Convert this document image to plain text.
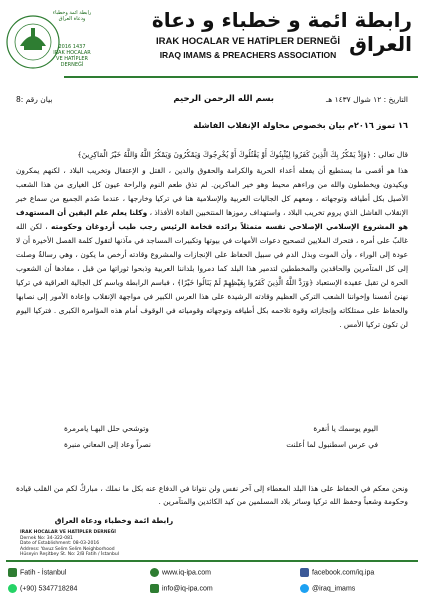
رابطة ائمة وخطباء ودعاة العراق
2016 1437
IRAK HOCALAR VE HATİPLER DERNEĞİ
رابطة ائمة و خطباء و دعاة العراق
IRAK HOCALAR VE HATİPLER DERNEĞİ
IRAQ IMAMS & PREACHERS ASSOCIATION
التاريخ : ١٢ شوال ١٤٣٧ هـ
بسم الله الرحمن الرحيم
بيان رقم :8
١٦ تموز ٢٠١٦م بيان بخصوص محاولة الإنقلاب الفاشلة

قال تعالى : ﴿وَإِذْ يَمْكُرُ بِكَ الَّذِينَ كَفَرُوا لِيُثْبِتُوكَ أَوْ يَقْتُلُوكَ أَوْ يُخْرِجُوكَ وَيَمْكُرُونَ وَيَمْكُرُ اللَّهُ وَاللَّهُ خَيْرُ الْمَاكِرِينَ﴾

هذا هو أقصى ما يستطيع أن يفعله أعداء الحرية والكرامة والحقوق والدين ، القتل و الإعتقال وتخريب البلاد ، لكنهم يمكرون ويكيدون ويخططون والله من وراءهم محيط وهو خير الماكرين. لم تذق طعم النوم والراحة عيون كل الغيارى من هذا الشعب الأصيل بكل أطيافه وتوجهاته ، ومعهم كل الجاليات العربية والإسلامية هنا في تركيا وخارجها ، عندما صُدم الجميع من سماع خبر الإنقلاب الفاشل الذي يروم تخريب البلاد ، واستهداف رموزها المنتخبين القادة الأفذاذ ، وكلنا يعلم علم اليقين أن المستهدف هو المشروع الإسلامي الإصلاحي نفسه متمثلاً برائده فخامة الرئيس رجب طيب أردوغان وحكومته ، لكن الله غالبٌ على أمره ، فتحرك الملايين لتصحيح دعوات الأمهات في بيوتها وتكبيرات المساجد في مآذنها لتقول كلمة الفصل الأخيرة أن لا عودة إلى الوراء ، وأن الموت وبذل الدم في سبيل الحفاظ على الإنجازات والمشروع وقادته أرخص ما يكون ، وهي رسالةٌ وصلت إلى كل المتآمرين والحاقدين والمخططين لتدمير هذا البلد كما دمروا بلداننا العربية وذبحوا ثوراتها من قبل ، مفادها أن الشعوب الحرة لن تقبل عقيدة الإستعباد ﴿وَرَدَّ اللَّهُ الَّذِينَ كَفَرُوا بِغَيْظِهِمْ لَمْ يَنَالُوا خَيْرًا﴾ ، فباسم الرابطة وباسم كل الجالية العراقية في تركيا نهنئ أنفسنا وإخواننا الشعب التركي العظيم وقادته الرشيدة على هذا العرس الكبير في مواجهة الإنقلاب وإعادة الأمور إلى نصابها والحفاظ على ممتلكاته وإنجازاته وقوة تلاحمه بكل أطيافه وتوجهاته وقومياته في الوقوف أمام هذه المؤامرة الكبرى . فتركيا اليوم لن تكون تركيا الأمس .

اليوم يوسمك يا أنقرة
وتوشحي حلل البهـا يامرمرة
في عرس اسطنبول لما أعلنت
نصراً وعاد إلى المعاني منبرة

ونحن معكم في الحفاظ على هذا البلد المعطاء إلى آخر نفس ولن نتوانا في الدفاع عنه بكل ما نملك ، مباركٌ لكم من القلب قيادة وحكومة وشعباً وحفظ الله تركيا وسائر بلاد المسلمين من كيد الكائدين والمتآمرين .

رابطة ائمة وخطباء ودعاة العراق
IRAK HOCALAR VE HATİPLER DERNEĞİ
Dernek No: 34-322-081
Date of Establishment: 08-03-2016
Address: Yavuz Selim Selim Neighborhood
Hüseyin Reşitbey St. No: 2/B Fatih / İstanbul
Fatih - İstanbul	www.iq-ipa.com	facebook.com/iq.ipa
(+90) 5347718284	info@iq-ipa.com	@iraq_imams
